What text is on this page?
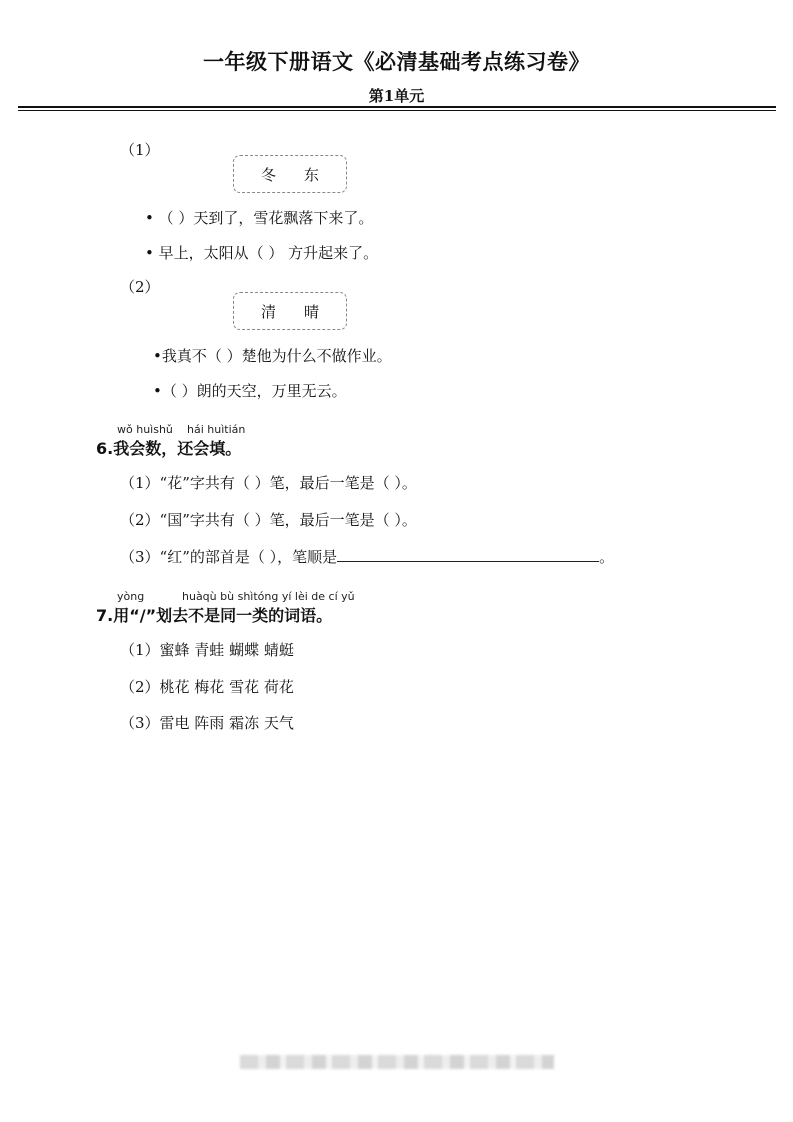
一年级下册语文《必清基础考点练习卷》
第1单元
（1）
冬 东
• （ ）天到了，雪花飘落下来了。
• 早上，太阳从（ ） 方升起来了。
（2）
清 晴
•我真不（ ）楚他为什么不做作业。
•（ ）朗的天空，万里无云。
wǒ huìshǔ hái huìtián
6.我会数，还会填。
（1）“花”字共有（ ）笔，最后一笔是（ ）。
（2）“国”字共有（ ）笔，最后一笔是（ ）。
（3）“红”的部首是（ ），笔顺是	。
yòng	huàqù bù shìtóng yí lèi de cí yǔ
7.用“/”划去不是同一类的词语。
（1）蜜蜂 青蛙 蝴蝶 蜻蜓
（2）桃花 梅花 雪花 荷花
（3）雷电 阵雨 霜冻 天气
